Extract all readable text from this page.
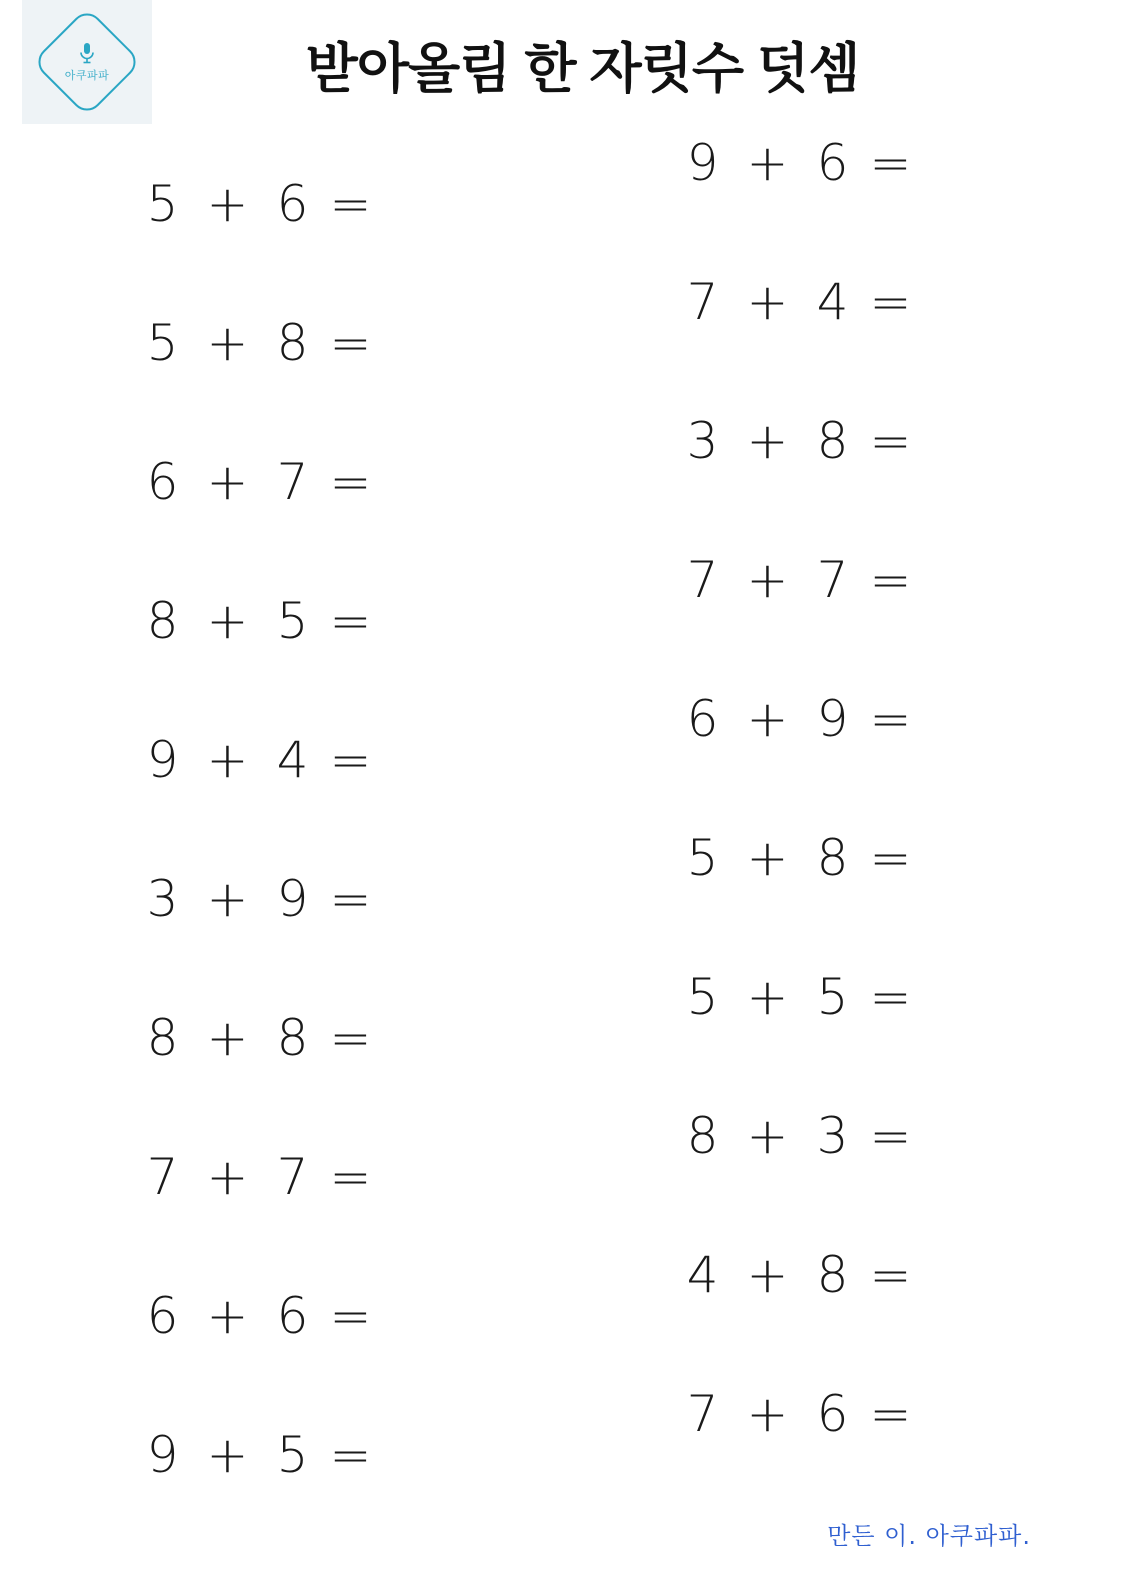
아쿠파파	받아올림 한 자릿수 덧셈
5 + 6 =
9 + 6 =
5 + 8 =
7 + 4 =
6 + 7 =
3 + 8 =
8 + 5 =
7 + 7 =
9 + 4 =
6 + 9 =
3 + 9 =
5 + 8 =
8 + 8 =
5 + 5 =
7 + 7 =
8 + 3 =
6 + 6 =
4 + 8 =
9 + 5 =
7 + 6 =
만든 이. 아쿠파파.
